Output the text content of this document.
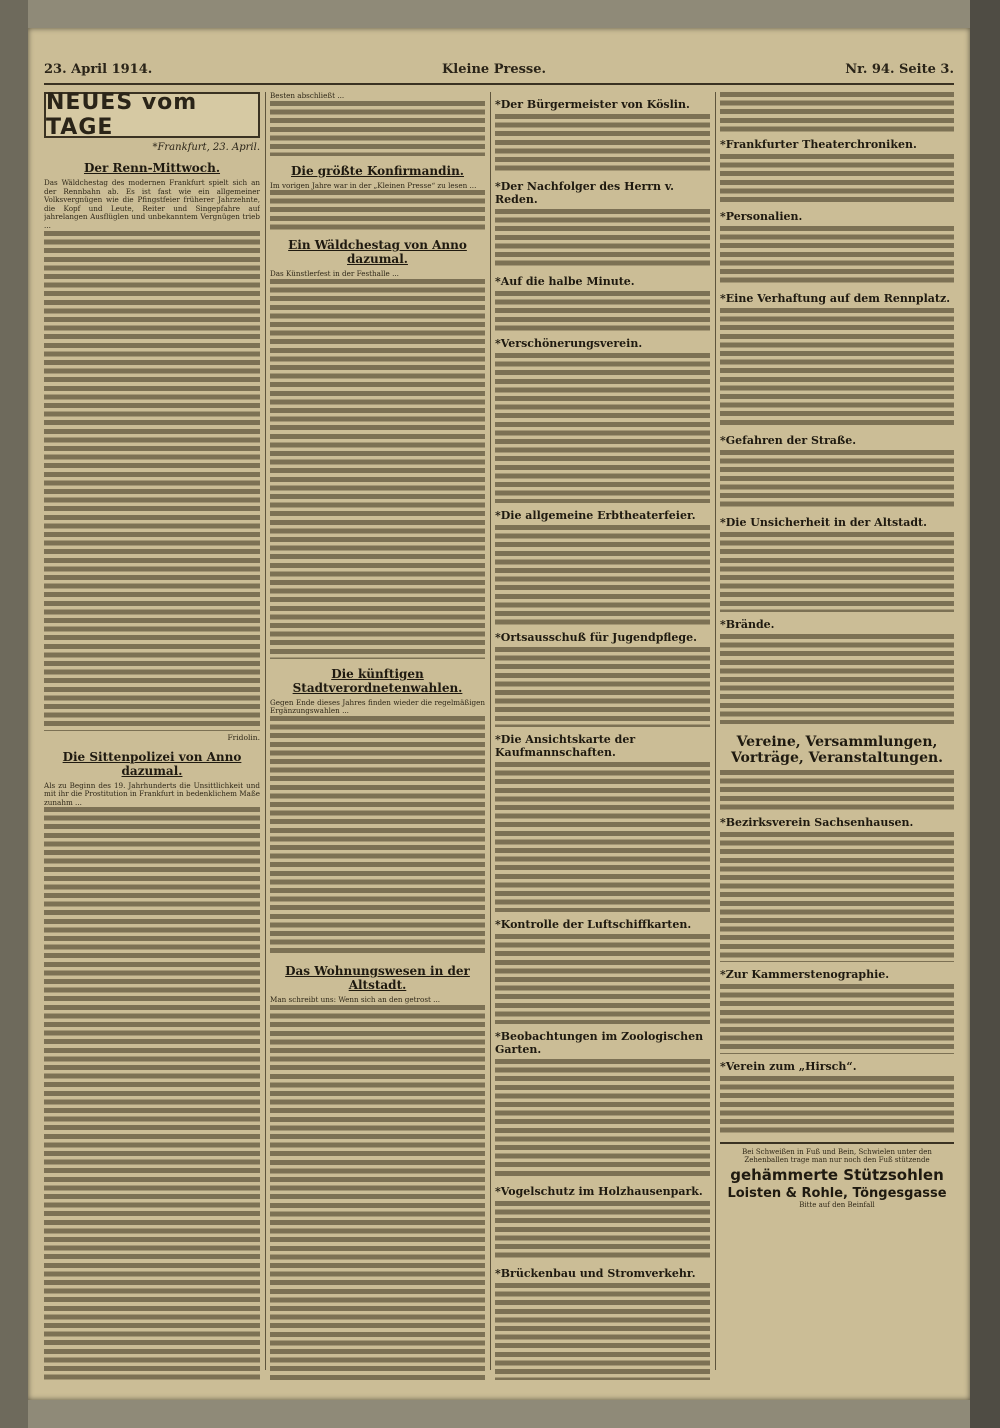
23. April 1914.	Kleine Presse.	Nr. 94. Seite 3.
NEUES vom TAGE
*Frankfurt, 23. April.
Der Renn-Mittwoch.

Das Wäldchestag des modernen Frankfurt spielt sich an der Rennbahn ab. Es ist fast wie ein allgemeiner Volksvergnügen wie die Pfingstfeier früherer Jahrzehnte, die Kopf und Leute, Reiter und Singepfahre auf jahrelangen Ausflüglen und unbekanntem Vergnügen trieb ...

Fridolin.
Die Sittenpolizei von Anno dazumal.

Als zu Beginn des 19. Jahrhunderts die Unsittlichkeit und mit ihr die Prostitution in Frankfurt in bedenklichem Maße zunahm ...

Besten abschließt ...

Die größte Konfirmandin.

Im vorigen Jahre war in der „Kleinen Presse“ zu lesen ...

Ein Wäldchestag von Anno dazumal.

Das Künstlerfest in der Festhalle ...

Die künftigen Stadtverordnetenwahlen.

Gegen Ende dieses Jahres finden wieder die regelmäßigen Ergänzungswahlen ...

Das Wohnungswesen in der Altstadt.

Man schreibt uns: Wenn sich an den getrost ...

*Der Bürgermeister von Köslin.
*Der Nachfolger des Herrn v. Reden.
*Auf die halbe Minute.
*Verschönerungsverein.
*Die allgemeine Erbtheaterfeier.
*Ortsausschuß für Jugendpflege.
*Die Ansichtskarte der Kaufmannschaften.
*Kontrolle der Luftschiffkarten.
*Beobachtungen im Zoologischen Garten.
*Vogelschutz im Holzhausenpark.
*Brückenbau und Stromverkehr.
*Frankfurter Theaterchroniken.
*Personalien.
*Eine Verhaftung auf dem Rennplatz.
*Gefahren der Straße.
*Die Unsicherheit in der Altstadt.
*Brände.
Vereine, Versammlungen, Vorträge, Veranstaltungen.
*Bezirksverein Sachsenhausen.
*Zur Kammerstenographie.
*Verein zum „Hirsch“.
Bei Schweißen in Fuß und Bein, Schwielen unter den Zehenballen trage man nur noch den Fuß stützende
gehämmerte Stützsohlen
Loisten & Rohle, Töngesgasse
Bitte auf den Beinfall
